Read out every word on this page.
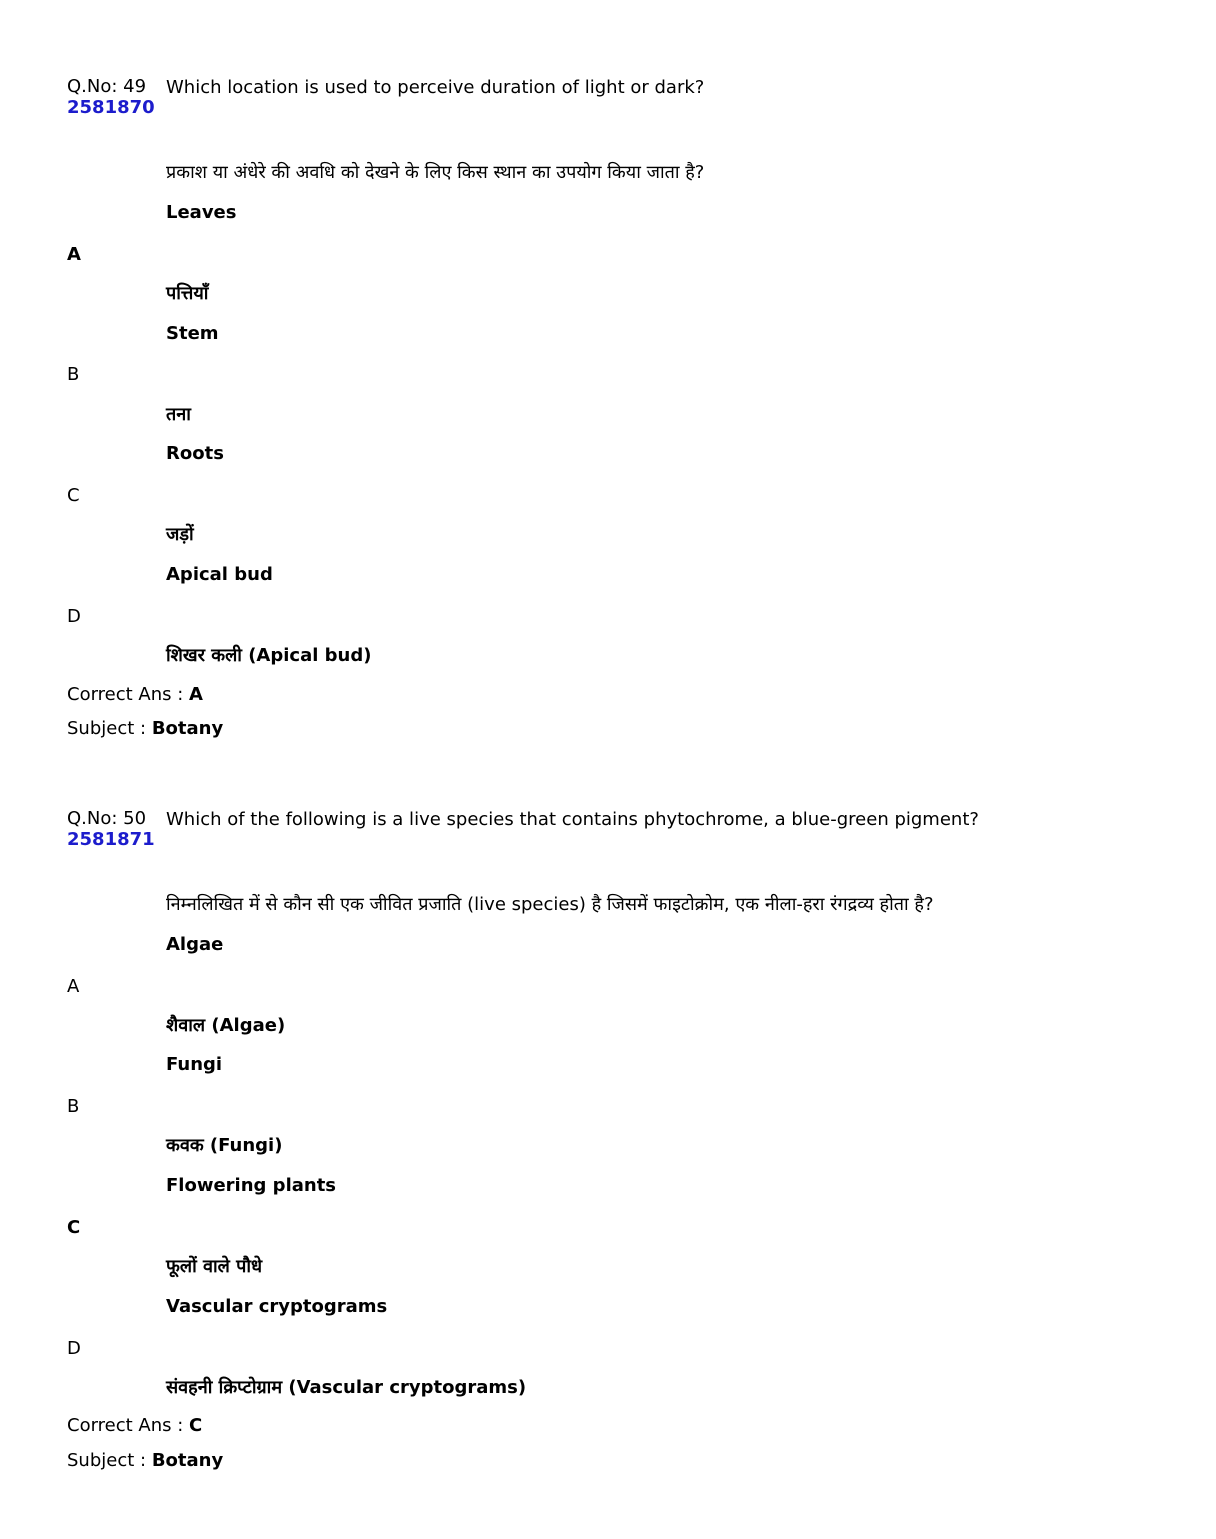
Q.No: 49 Which location is used to perceive duration of light or dark?
2581870
प्रकाश या अंधेरे की अवधि को देखने के लिए किस स्थान का उपयोग किया जाता है?
Leaves
A
पत्तियाँ
Stem
B
तना
Roots
C
जड़ों
Apical bud
D
शिखर कली (Apical bud)
Correct Ans : A
Subject : Botany
Q.No: 50 Which of the following is a live species that contains phytochrome, a blue-green pigment?
2581871
निम्नलिखित में से कौन सी एक जीवित प्रजाति (live species) है जिसमें फाइटोक्रोम, एक नीला-हरा रंगद्रव्य होता है?
Algae
A
शैवाल (Algae)
Fungi
B
कवक (Fungi)
Flowering plants
C
फूलों वाले पौधे
Vascular cryptograms
D
संवहनी क्रिप्टोग्राम (Vascular cryptograms)
Correct Ans : C
Subject : Botany
